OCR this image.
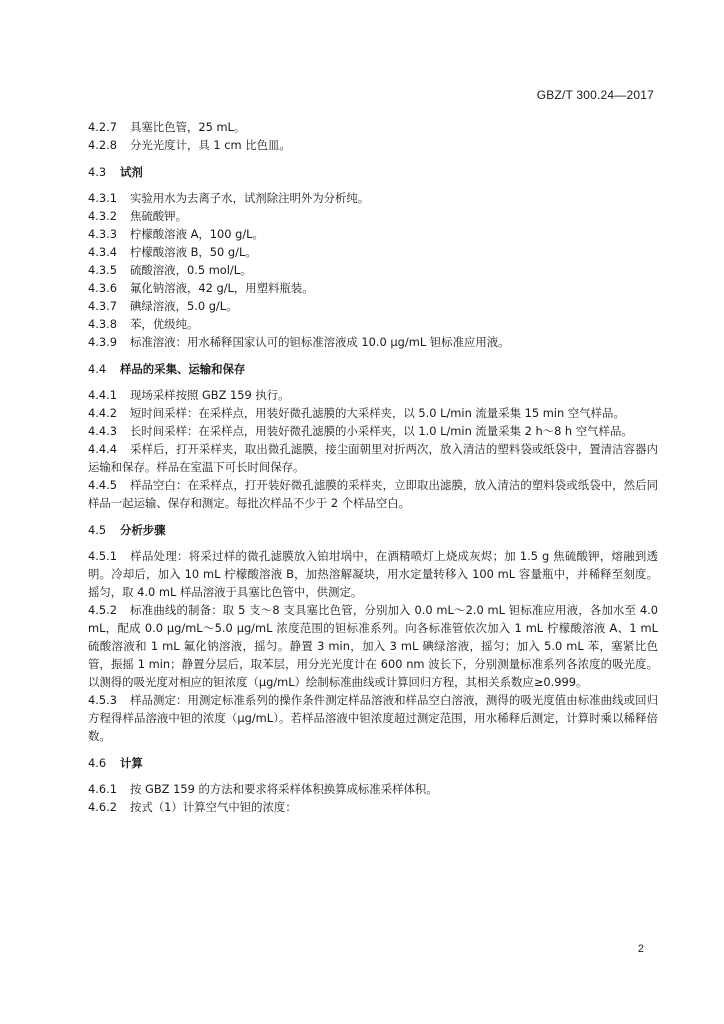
GBZ/T 300.24—2017
4.2.7 具塞比色管，25 mL。
4.2.8 分光光度计，具 1 cm 比色皿。
4.3 试剂
4.3.1 实验用水为去离子水，试剂除注明外为分析纯。
4.3.2 焦硫酸钾。
4.3.3 柠檬酸溶液 A，100 g/L。
4.3.4 柠檬酸溶液 B，50 g/L。
4.3.5 硫酸溶液，0.5 mol/L。
4.3.6 氟化钠溶液，42 g/L，用塑料瓶装。
4.3.7 碘绿溶液，5.0 g/L。
4.3.8 苯，优级纯。
4.3.9 标准溶液：用水稀释国家认可的钽标准溶液成 10.0 μg/mL 钽标准应用液。
4.4 样品的采集、运输和保存
4.4.1 现场采样按照 GBZ 159 执行。
4.4.2 短时间采样：在采样点，用装好微孔滤膜的大采样夹，以 5.0 L/min 流量采集 15 min 空气样品。
4.4.3 长时间采样：在采样点，用装好微孔滤膜的小采样夹，以 1.0 L/min 流量采集 2 h～8 h 空气样品。
4.4.4 采样后，打开采样夹，取出微孔滤膜，接尘面朝里对折两次，放入清洁的塑料袋或纸袋中，置清洁容器内运输和保存。样品在室温下可长时间保存。
4.4.5 样品空白：在采样点，打开装好微孔滤膜的采样夹，立即取出滤膜，放入清洁的塑料袋或纸袋中，然后同样品一起运输、保存和测定。每批次样品不少于 2 个样品空白。
4.5 分析步骤
4.5.1 样品处理：将采过样的微孔滤膜放入铂坩埚中，在酒精喷灯上烧成灰烬；加 1.5 g 焦硫酸钾，熔融到透明。冷却后，加入 10 mL 柠檬酸溶液 B，加热溶解凝块，用水定量转移入 100 mL 容量瓶中，并稀释至刻度。摇匀，取 4.0 mL 样品溶液于具塞比色管中，供测定。
4.5.2 标准曲线的制备：取 5 支～8 支具塞比色管，分别加入 0.0 mL～2.0 mL 钽标准应用液，各加水至 4.0 mL，配成 0.0 μg/mL～5.0 μg/mL 浓度范围的钽标准系列。向各标准管依次加入 1 mL 柠檬酸溶液 A、1 mL 硫酸溶液和 1 mL 氟化钠溶液，摇匀。静置 3 min，加入 3 mL 碘绿溶液，摇匀；加入 5.0 mL 苯，塞紧比色管，振摇 1 min；静置分层后，取苯层，用分光光度计在 600 nm 波长下，分别测量标准系列各浓度的吸光度。以测得的吸光度对相应的钽浓度（μg/mL）绘制标准曲线或计算回归方程，其相关系数应≥0.999。
4.5.3 样品测定：用测定标准系列的操作条件测定样品溶液和样品空白溶液，测得的吸光度值由标准曲线或回归方程得样品溶液中钽的浓度（μg/mL）。若样品溶液中钽浓度超过测定范围，用水稀释后测定，计算时乘以稀释倍数。
4.6 计算
4.6.1 按 GBZ 159 的方法和要求将采样体积换算成标准采样体积。
4.6.2 按式（1）计算空气中钽的浓度：
2
